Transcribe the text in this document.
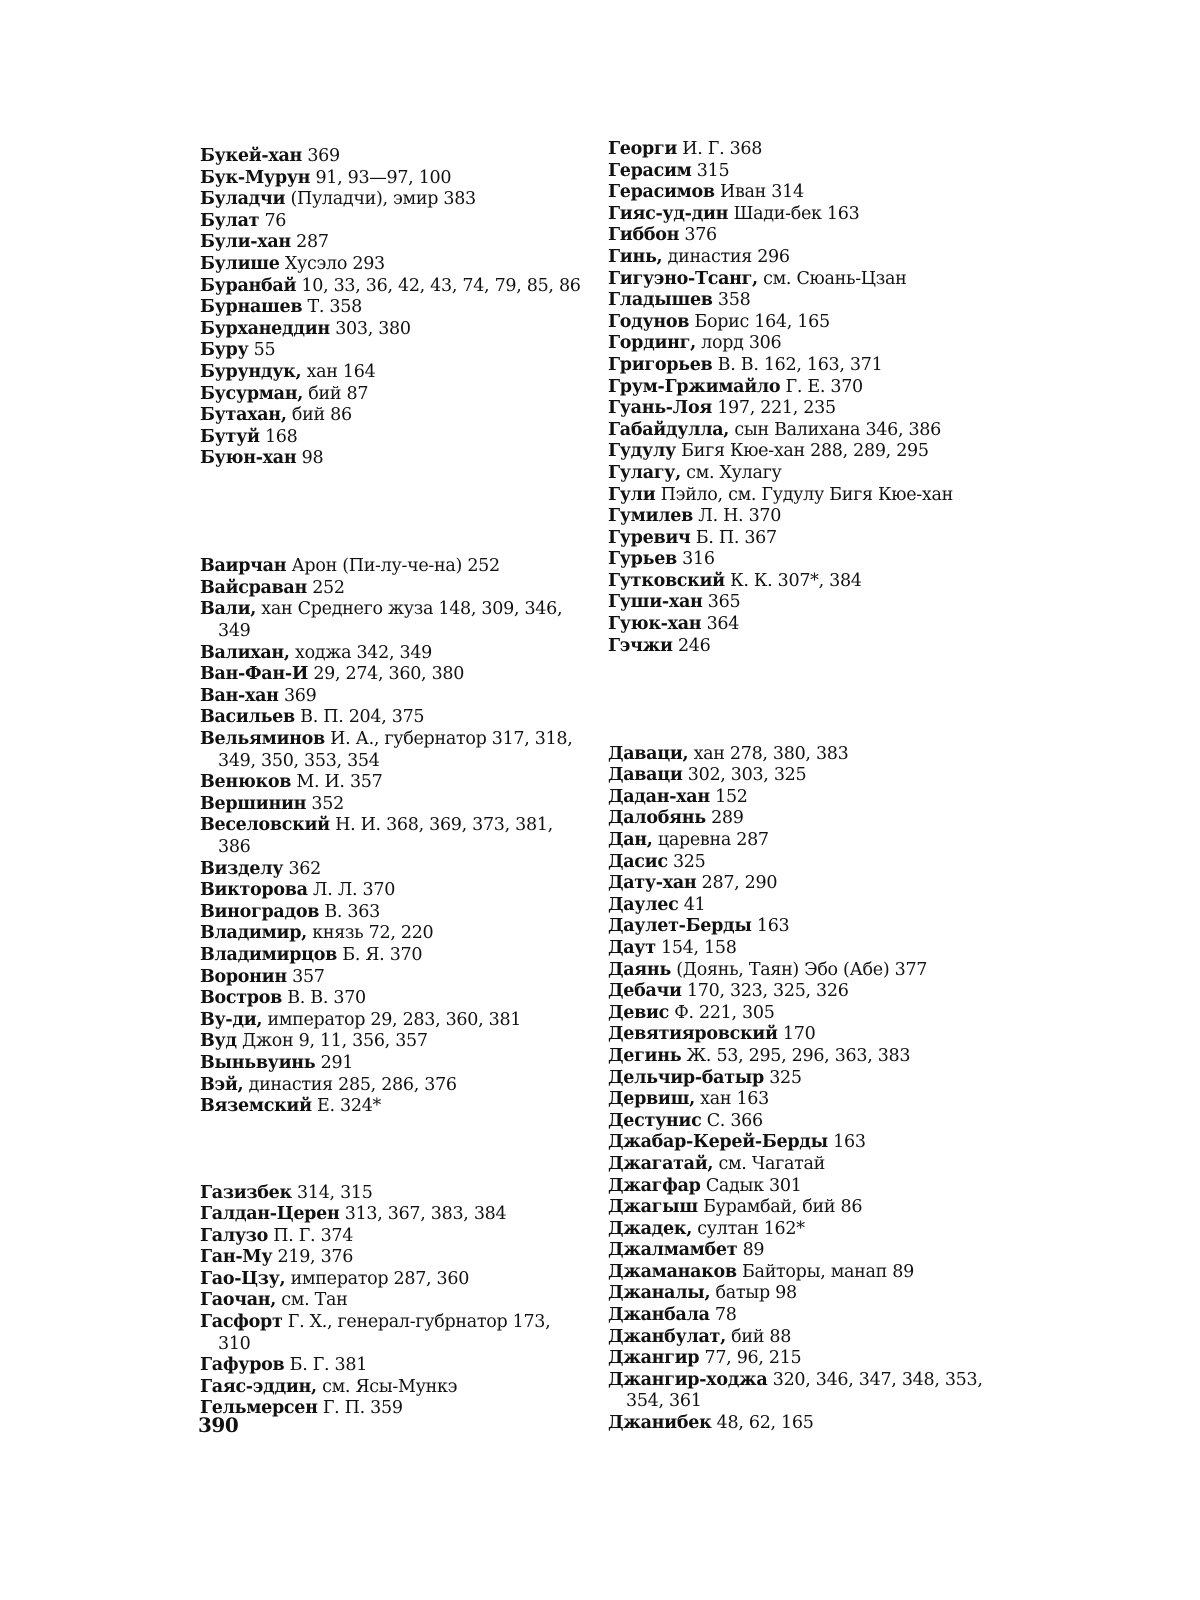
Букей-хан 369
Бук-Мурун 91, 93—97, 100
Буладчи (Пуладчи), эмир 383
Булат 76
Були-хан 287
Булише Хусэло 293
Буранбай 10, 33, 36, 42, 43, 74, 79, 85, 86
Бурнашев Т. 358
Бурханеддин 303, 380
Буру 55
Бурундук, хан 164
Бусурман, бий 87
Бутахан, бий 86
Бутуй 168
Буюн-хан 98
Ваирчан Арон (Пи-лу-че-на) 252
Вайсраван 252
Вали, хан Среднего жуза 148, 309, 346, 349
Валихан, ходжа 342, 349
Ван-Фан-И 29, 274, 360, 380
Ван-хан 369
Васильев В. П. 204, 375
Вельяминов И. А., губернатор 317, 318, 349, 350, 353, 354
Венюков М. И. 357
Вершинин 352
Веселовский Н. И. 368, 369, 373, 381, 386
Визделу 362
Викторова Л. Л. 370
Виноградов В. 363
Владимир, князь 72, 220
Владимирцов Б. Я. 370
Воронин 357
Востров В. В. 370
Ву-ди, император 29, 283, 360, 381
Вуд Джон 9, 11, 356, 357
Выньвуинь 291
Вэй, династия 285, 286, 376
Вяземский Е. 324*
Газизбек 314, 315
Галдан-Церен 313, 367, 383, 384
Галузо П. Г. 374
Ган-Му 219, 376
Гао-Цзу, император 287, 360
Гаочан, см. Тан
Гасфорт Г. Х., генерал-губрнатор 173, 310
Гафуров Б. Г. 381
Гаяс-эддин, см. Ясы-Мункэ
Гельмерсен Г. П. 359
Георги И. Г. 368
Герасим 315
Герасимов Иван 314
Гияс-уд-дин Шади-бек 163
Гиббон 376
Гинь, династия 296
Гигуэно-Тсанг, см. Сюань-Цзан
Гладышев 358
Годунов Борис 164, 165
Гординг, лорд 306
Григорьев В. В. 162, 163, 371
Грум-Гржимайло Г. Е. 370
Гуань-Лоя 197, 221, 235
Габайдулла, сын Валихана 346, 386
Гудулу Бигя Кюе-хан 288, 289, 295
Гулагу, см. Хулагу
Гули Пэйло, см. Гудулу Бигя Кюе-хан
Гумилев Л. Н. 370
Гуревич Б. П. 367
Гурьев 316
Гутковский К. К. 307*, 384
Гуши-хан 365
Гуюк-хан 364
Гэчжи 246
Даваци, хан 278, 380, 383
Даваци 302, 303, 325
Дадан-хан 152
Далобянь 289
Дан, царевна 287
Дасис 325
Дату-хан 287, 290
Даулес 41
Даулет-Берды 163
Даут 154, 158
Даянь (Доянь, Таян) Эбо (Абе) 377
Дебачи 170, 323, 325, 326
Девис Ф. 221, 305
Девятияровский 170
Дегинь Ж. 53, 295, 296, 363, 383
Дельчир-батыр 325
Дервиш, хан 163
Дестунис С. 366
Джабар-Керей-Берды 163
Джагатай, см. Чагатай
Джагфар Садык 301
Джагыш Бурамбай, бий 86
Джадек, султан 162*
Джалмамбет 89
Джаманаков Байторы, манап 89
Джаналы, батыр 98
Джанбала 78
Джанбулат, бий 88
Джангир 77, 96, 215
Джангир-ходжа 320, 346, 347, 348, 353, 354, 361
Джанибек 48, 62, 165
390
